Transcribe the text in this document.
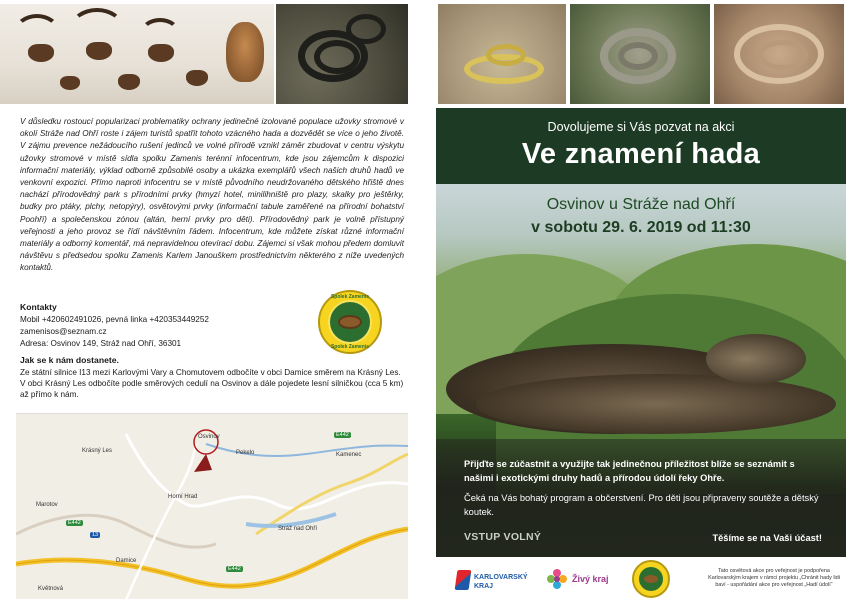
V důsledku rostoucí popularizaci problematiky ochrany jedinečné izolované populace užovky stromové v okolí Stráže nad Ohří roste i zájem turistů spatřit tohoto vzácného hada a dozvědět se více o jeho životě. V zájmu prevence nežádoucího rušení jedinců ve volné přírodě vznikl záměr zbudovat v centru výskytu užovky stromové v místě sídla spolku Zamenis terénní infocentrum, kde jsou zájemcům k dispozici informační materiály, výklad odborně způsobilé osoby a ukázka exemplářů všech našich druhů hadů ve venkovní expozici. Přímo naproti infocentru se v místě původního neudržovaného dětského hřiště dnes nachází přírodovědný park s přírodními prvky (hmyzí hotel, minilihniště pro plazy, skalky pro ještěrky, budky pro ptáky, plchy, netopýry), osvětovými prvky (informační tabule zaměřené na přírodní bohatství Poohří) a společenskou zónou (altán, herní prvky pro děti). Přírodovědný park je volně přístupný veřejnosti a jeho provoz se řídí návštěvním řádem. Infocentrum, kde můžete získat různé informační materiály a odborný komentář, má nepravidelnou otevírací dobu. Zájemci si však mohou předem domluvit návštěvu s předsedou spolku Zamenis Karlem Janouškem prostřednictvím některého z níže uvedených kontaktů.

Kontakty
Mobil +420602491026, pevná linka +420353449252
zamenisos@seznam.cz
Adresa: Osvinov 149, Stráž nad Ohří, 36301
Spolek Zamenis
Spolek Zamenis
Jak se k nám dostanete.
Ze státní silnice I13 mezi Karlovými Vary a Chomutovem odbočíte v obci Damice směrem na Krásný Les. V obci Krásný Les odbočíte podle směrových cedulí na Osvinov a dále pojedete lesní silničkou (cca 5 km) až přímo k nám.
Osvinov
Krásný Les	Pekelo	Kamenec
Marotov
Horní Hrad
Damice
Stráž nad Ohří
Květnová
13
E442
E442
E442
Dovolujeme si Vás pozvat na akci
Ve znamení hada
Osvinov u Stráže nad Ohří
v sobotu 29. 6. 2019 od 11:30
Přijďte se zúčastnit a využijte tak jedinečnou příležitost blíže se seznámit s našimi i exotickými druhy hadů a přírodou údolí řeky Ohře.
Čeká na Vás bohatý program a občerstvení. Pro děti jsou připraveny soutěže a dětský koutek.
VSTUP VOLNÝ	Těšíme se na Vaši účast!
KARLOVARSKÝ
KRAJ
Živý kraj
Tato osvětová akce pro veřejnost je podpořena Karlovarským krajem v rámci projektu „Chránit hady lidi baví - uspořádání akce pro veřejnost „Hadí údolí“
